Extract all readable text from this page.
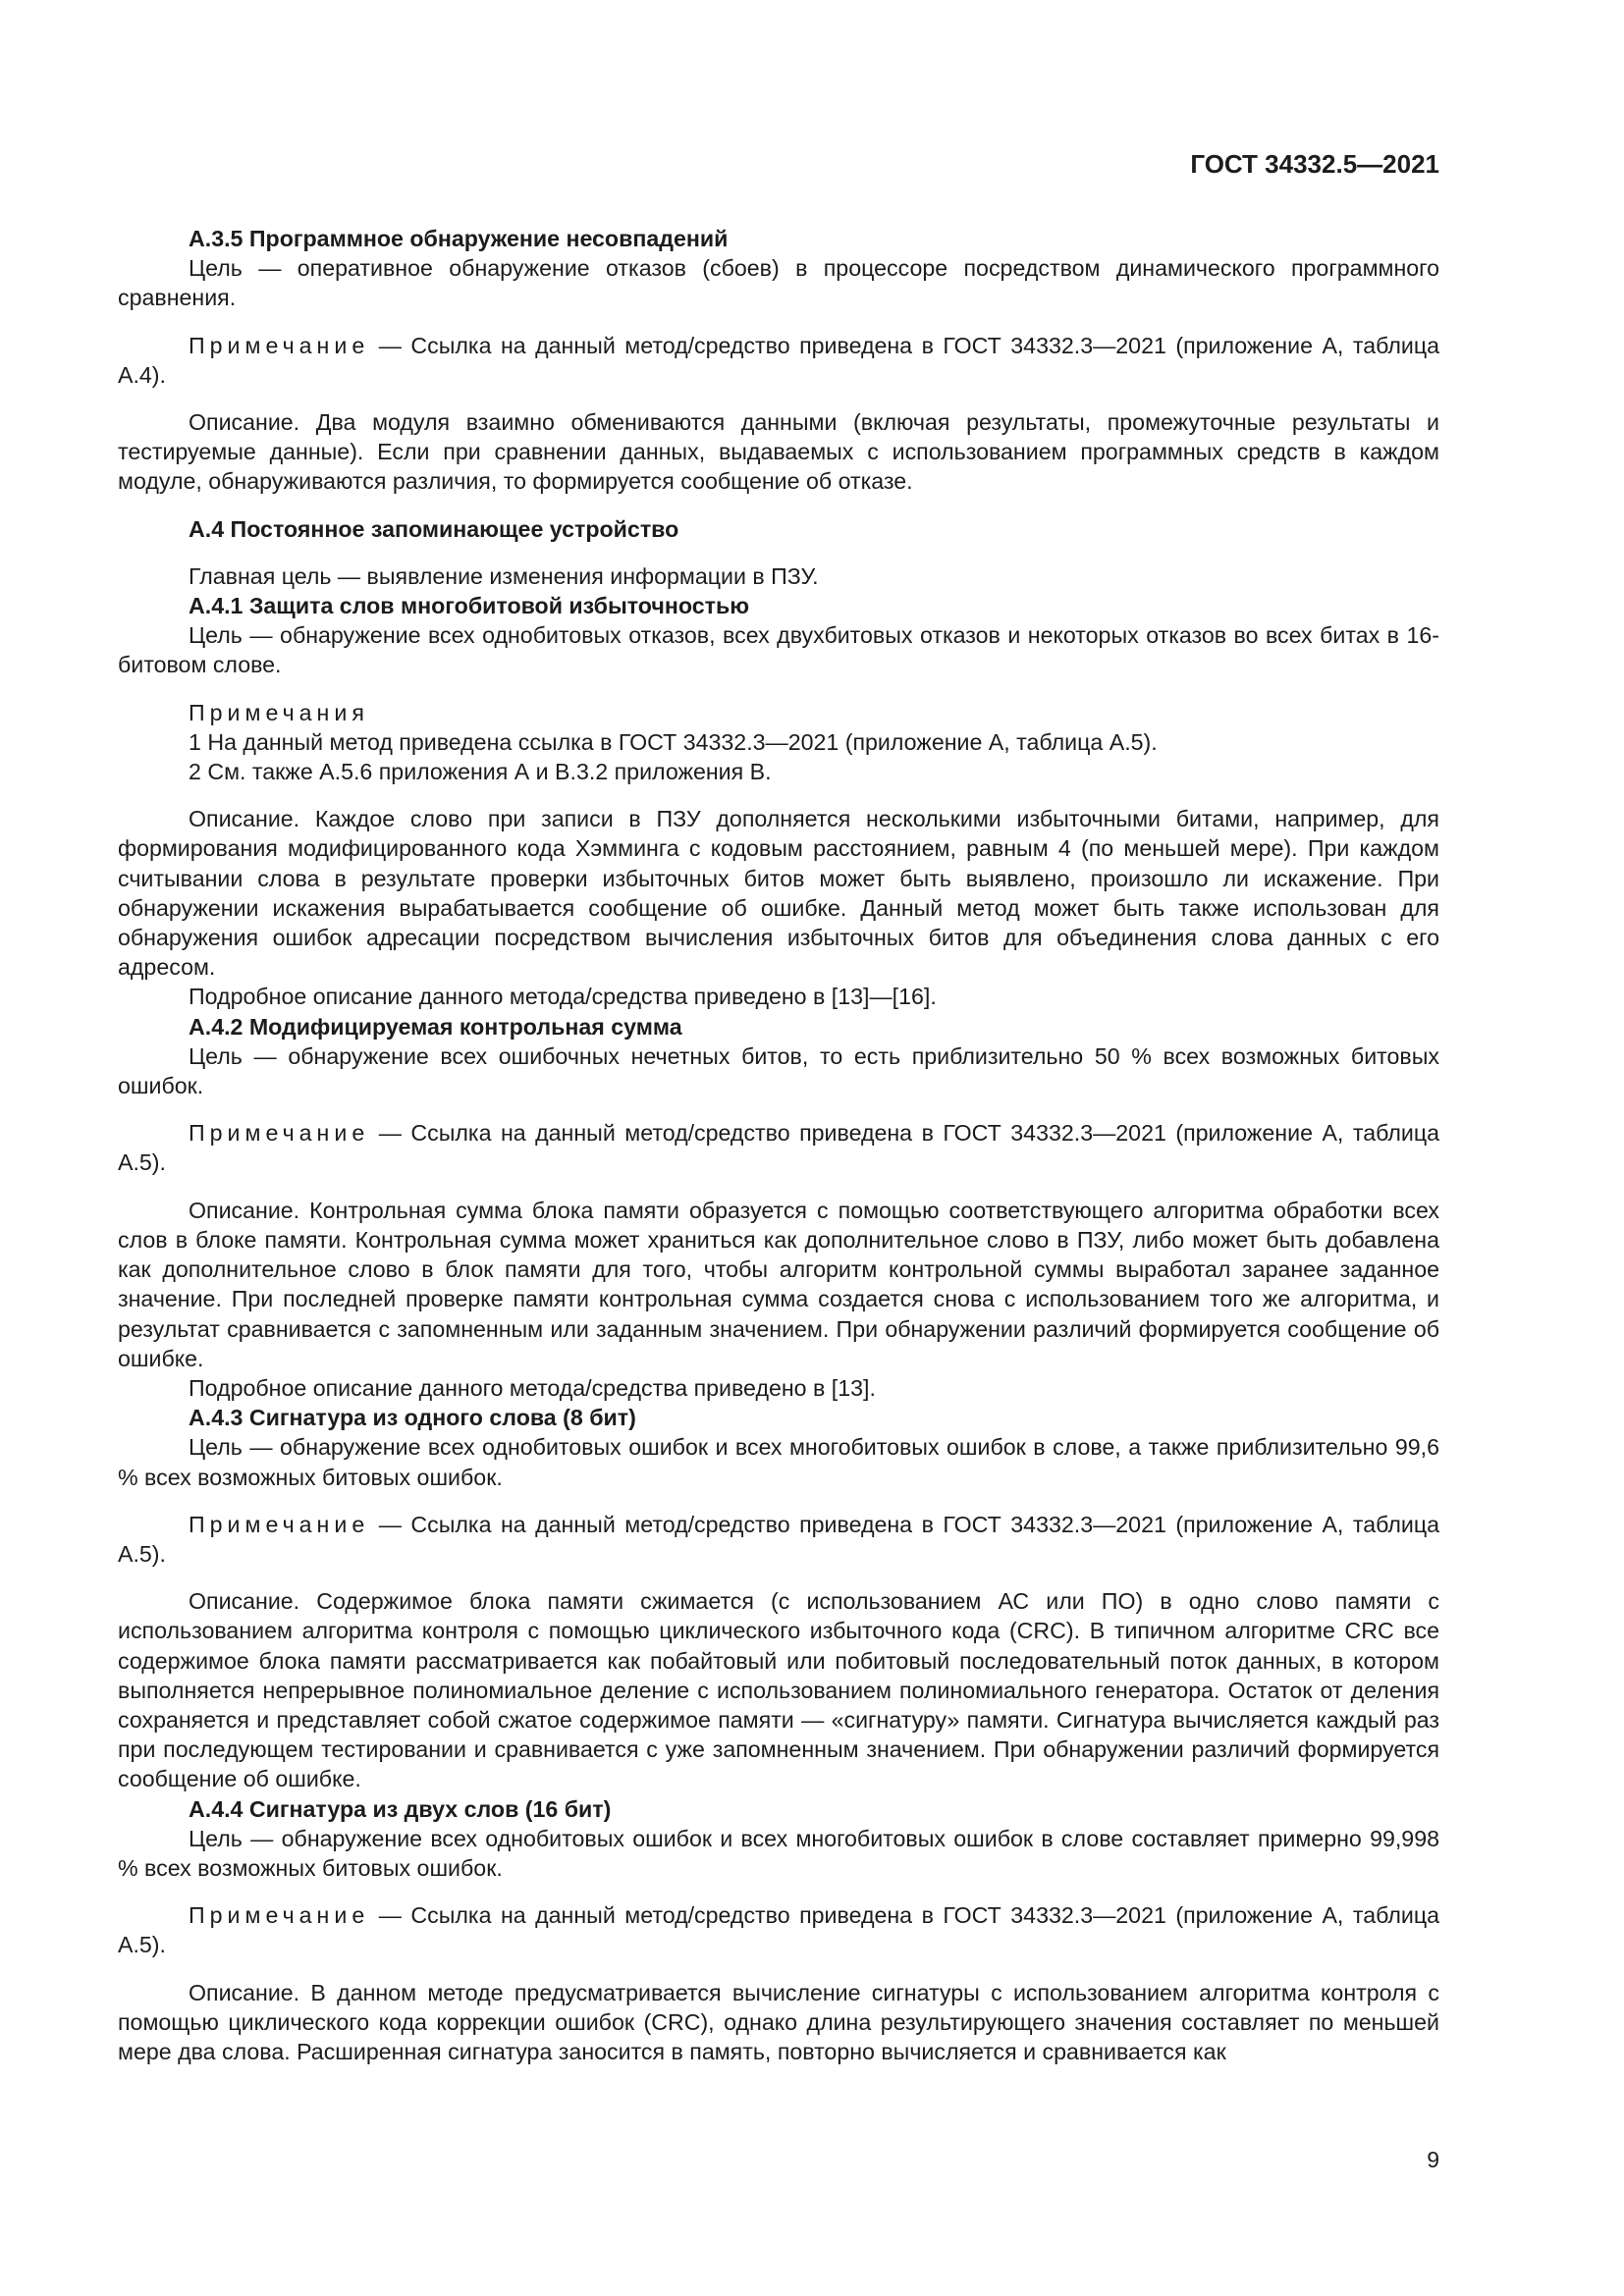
ГОСТ 34332.5—2021
А.3.5 Программное обнаружение несовпадений
Цель — оперативное обнаружение отказов (сбоев) в процессоре посредством динамического программного сравнения.
Примечание — Ссылка на данный метод/средство приведена в ГОСТ 34332.3—2021 (приложение А, таблица А.4).
Описание. Два модуля взаимно обмениваются данными (включая результаты, промежуточные результаты и тестируемые данные). Если при сравнении данных, выдаваемых с использованием программных средств в каждом модуле, обнаруживаются различия, то формируется сообщение об отказе.
А.4 Постоянное запоминающее устройство
Главная цель — выявление изменения информации в ПЗУ.
А.4.1 Защита слов многобитовой избыточностью
Цель — обнаружение всех однобитовых отказов, всех двухбитовых отказов и некоторых отказов во всех битах в 16-битовом слове.
Примечания
1 На данный метод приведена ссылка в ГОСТ 34332.3—2021 (приложение А, таблица А.5).
2 См. также А.5.6 приложения А и В.3.2 приложения В.
Описание. Каждое слово при записи в ПЗУ дополняется несколькими избыточными битами, например, для формирования модифицированного кода Хэмминга с кодовым расстоянием, равным 4 (по меньшей мере). При каждом считывании слова в результате проверки избыточных битов может быть выявлено, произошло ли искажение. При обнаружении искажения вырабатывается сообщение об ошибке. Данный метод может быть также использован для обнаружения ошибок адресации посредством вычисления избыточных битов для объединения слова данных с его адресом.
Подробное описание данного метода/средства приведено в [13]—[16].
А.4.2 Модифицируемая контрольная сумма
Цель — обнаружение всех ошибочных нечетных битов, то есть приблизительно 50 % всех возможных битовых ошибок.
Примечание — Ссылка на данный метод/средство приведена в ГОСТ 34332.3—2021 (приложение А, таблица А.5).
Описание. Контрольная сумма блока памяти образуется с помощью соответствующего алгоритма обработки всех слов в блоке памяти. Контрольная сумма может храниться как дополнительное слово в ПЗУ, либо может быть добавлена как дополнительное слово в блок памяти для того, чтобы алгоритм контрольной суммы выработал заранее заданное значение. При последней проверке памяти контрольная сумма создается снова с использованием того же алгоритма, и результат сравнивается с запомненным или заданным значением. При обнаружении различий формируется сообщение об ошибке.
Подробное описание данного метода/средства приведено в [13].
А.4.3 Сигнатура из одного слова (8 бит)
Цель — обнаружение всех однобитовых ошибок и всех многобитовых ошибок в слове, а также приблизительно 99,6 % всех возможных битовых ошибок.
Примечание — Ссылка на данный метод/средство приведена в ГОСТ 34332.3—2021 (приложение А, таблица А.5).
Описание. Содержимое блока памяти сжимается (с использованием АС или ПО) в одно слово памяти с использованием алгоритма контроля с помощью циклического избыточного кода (CRC). В типичном алгоритме CRC все содержимое блока памяти рассматривается как побайтовый или побитовый последовательный поток данных, в котором выполняется непрерывное полиномиальное деление с использованием полиномиального генератора. Остаток от деления сохраняется и представляет собой сжатое содержимое памяти — «сигнатуру» памяти. Сигнатура вычисляется каждый раз при последующем тестировании и сравнивается с уже запомненным значением. При обнаружении различий формируется сообщение об ошибке.
А.4.4 Сигнатура из двух слов (16 бит)
Цель — обнаружение всех однобитовых ошибок и всех многобитовых ошибок в слове составляет примерно 99,998 % всех возможных битовых ошибок.
Примечание — Ссылка на данный метод/средство приведена в ГОСТ 34332.3—2021 (приложение А, таблица А.5).
Описание. В данном методе предусматривается вычисление сигнатуры с использованием алгоритма контроля с помощью циклического кода коррекции ошибок (CRC), однако длина результирующего значения составляет по меньшей мере два слова. Расширенная сигнатура заносится в память, повторно вычисляется и сравнивается как
9
